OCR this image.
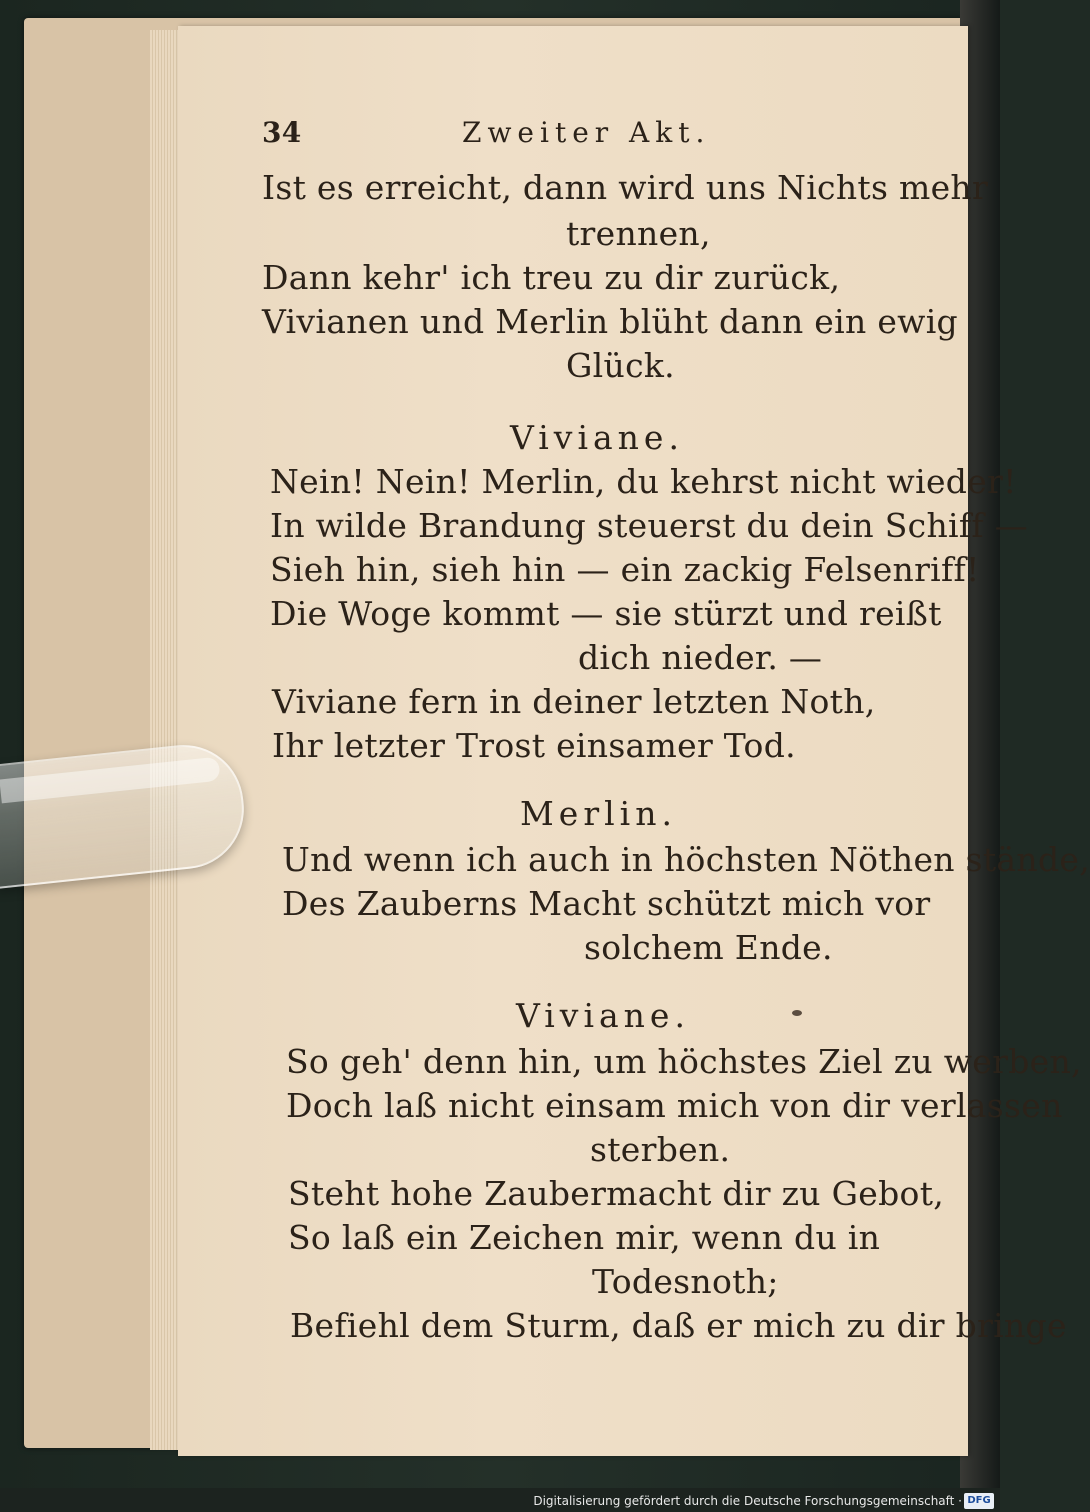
34	Zweiter Akt.
Ist es erreicht, dann wird uns Nichts mehr
trennen,
Dann kehr' ich treu zu dir zurück,
Vivianen und Merlin blüht dann ein ewig
Glück.
Viviane.
Nein! Nein! Merlin, du kehrst nicht wieder!
In wilde Brandung steuerst du dein Schiff —
Sieh hin, sieh hin — ein zackig Felsenriff!
Die Woge kommt — sie stürzt und reißt
dich nieder. —
Viviane fern in deiner letzten Noth,
Ihr letzter Trost einsamer Tod.
Merlin.
Und wenn ich auch in höchsten Nöthen stände,
Des Zauberns Macht schützt mich vor
solchem Ende.
Viviane.
So geh' denn hin, um höchstes Ziel zu werben,
Doch laß nicht einsam mich von dir verlassen
sterben.
Steht hohe Zaubermacht dir zu Gebot,
So laß ein Zeichen mir, wenn du in
Todesnoth;
Befiehl dem Sturm, daß er mich zu dir bringe
Digitalisierung gefördert durch die Deutsche Forschungsgemeinschaft · DFG
